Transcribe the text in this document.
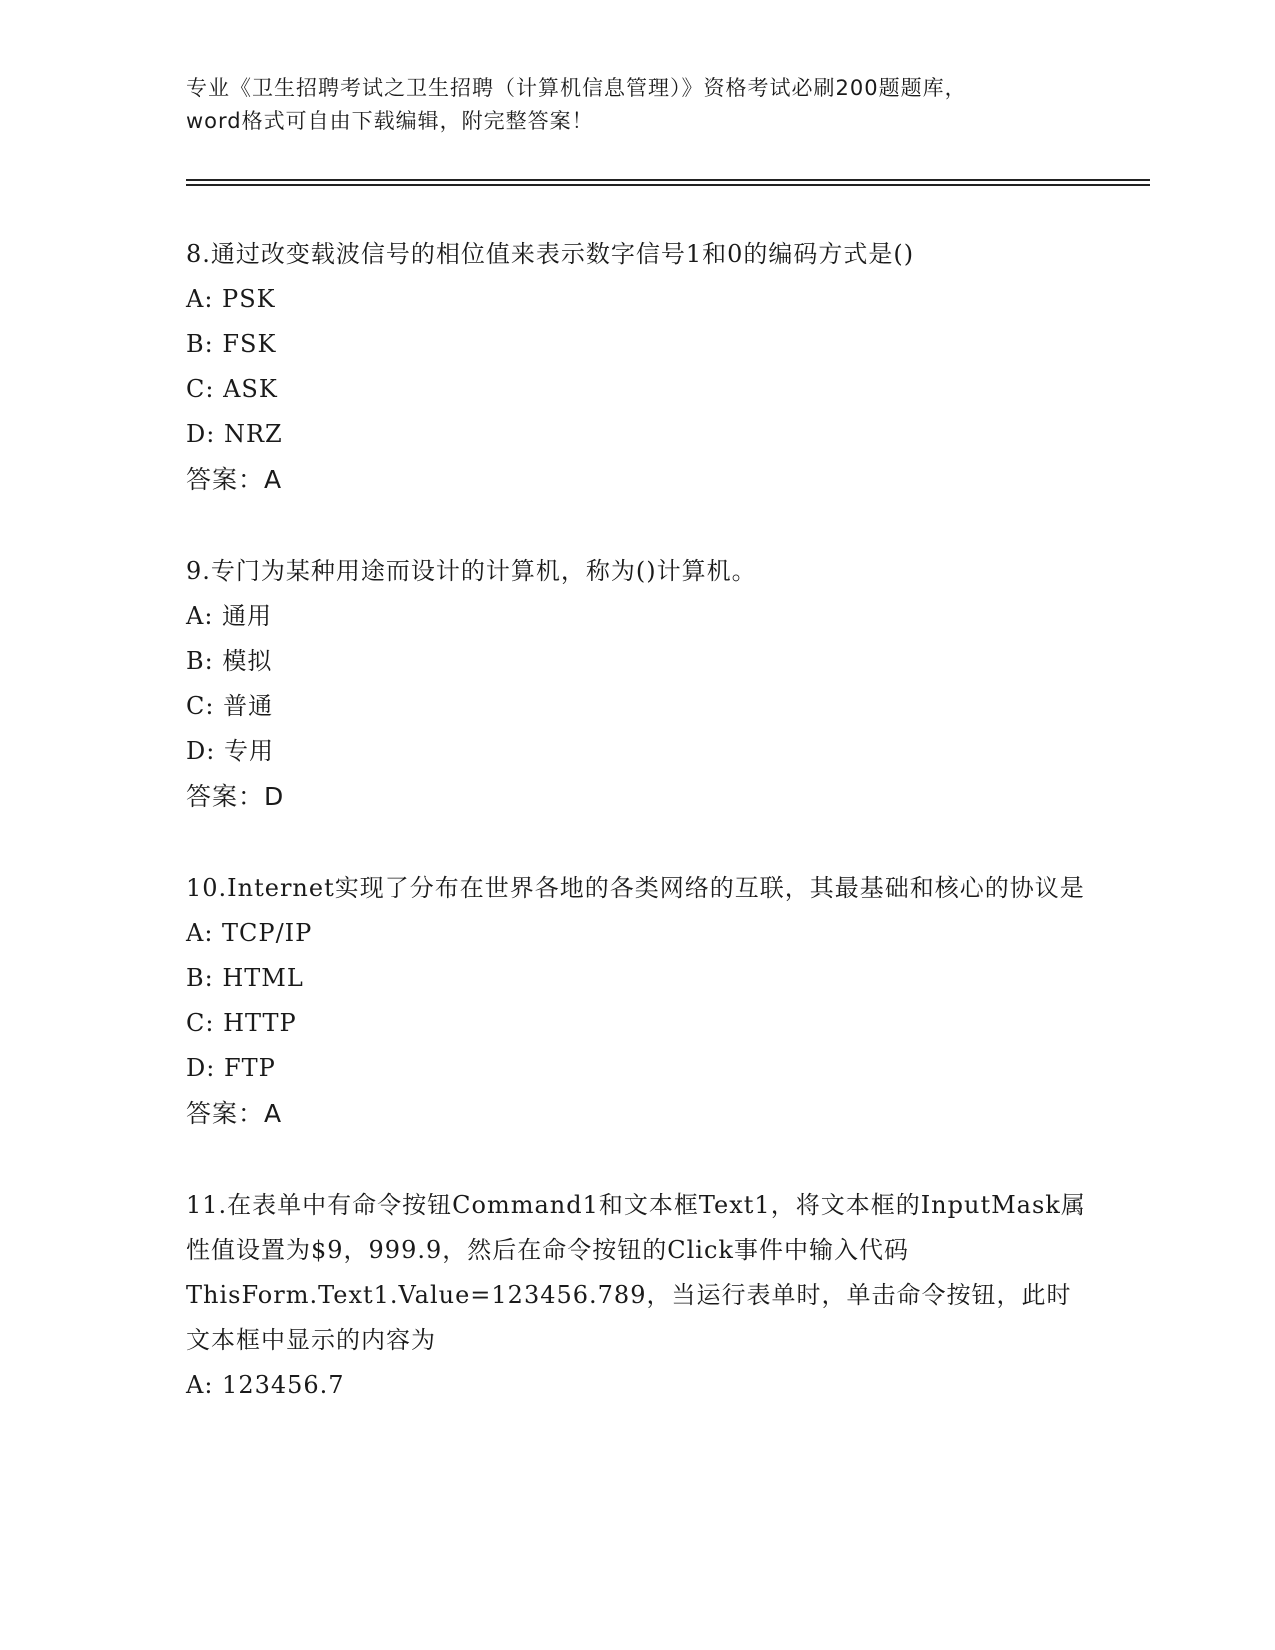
专业《卫生招聘考试之卫生招聘（计算机信息管理）》资格考试必刷200题题库，
word格式可自由下载编辑，附完整答案！
8.通过改变载波信号的相位值来表示数字信号1和0的编码方式是()
A: PSK
B: FSK
C: ASK
D: NRZ
答案：A
9.专门为某种用途而设计的计算机，称为()计算机。
A: 通用
B: 模拟
C: 普通
D: 专用
答案：D
10.Internet实现了分布在世界各地的各类网络的互联，其最基础和核心的协议是
A: TCP/IP
B: HTML
C: HTTP
D: FTP
答案：A
11.在表单中有命令按钮Command1和文本框Text1，将文本框的InputMask属性值设置为$9，999.9，然后在命令按钮的Click事件中输入代码ThisForm.Text1.Value=123456.789，当运行表单时，单击命令按钮，此时文本框中显示的内容为
A: 123456.7
